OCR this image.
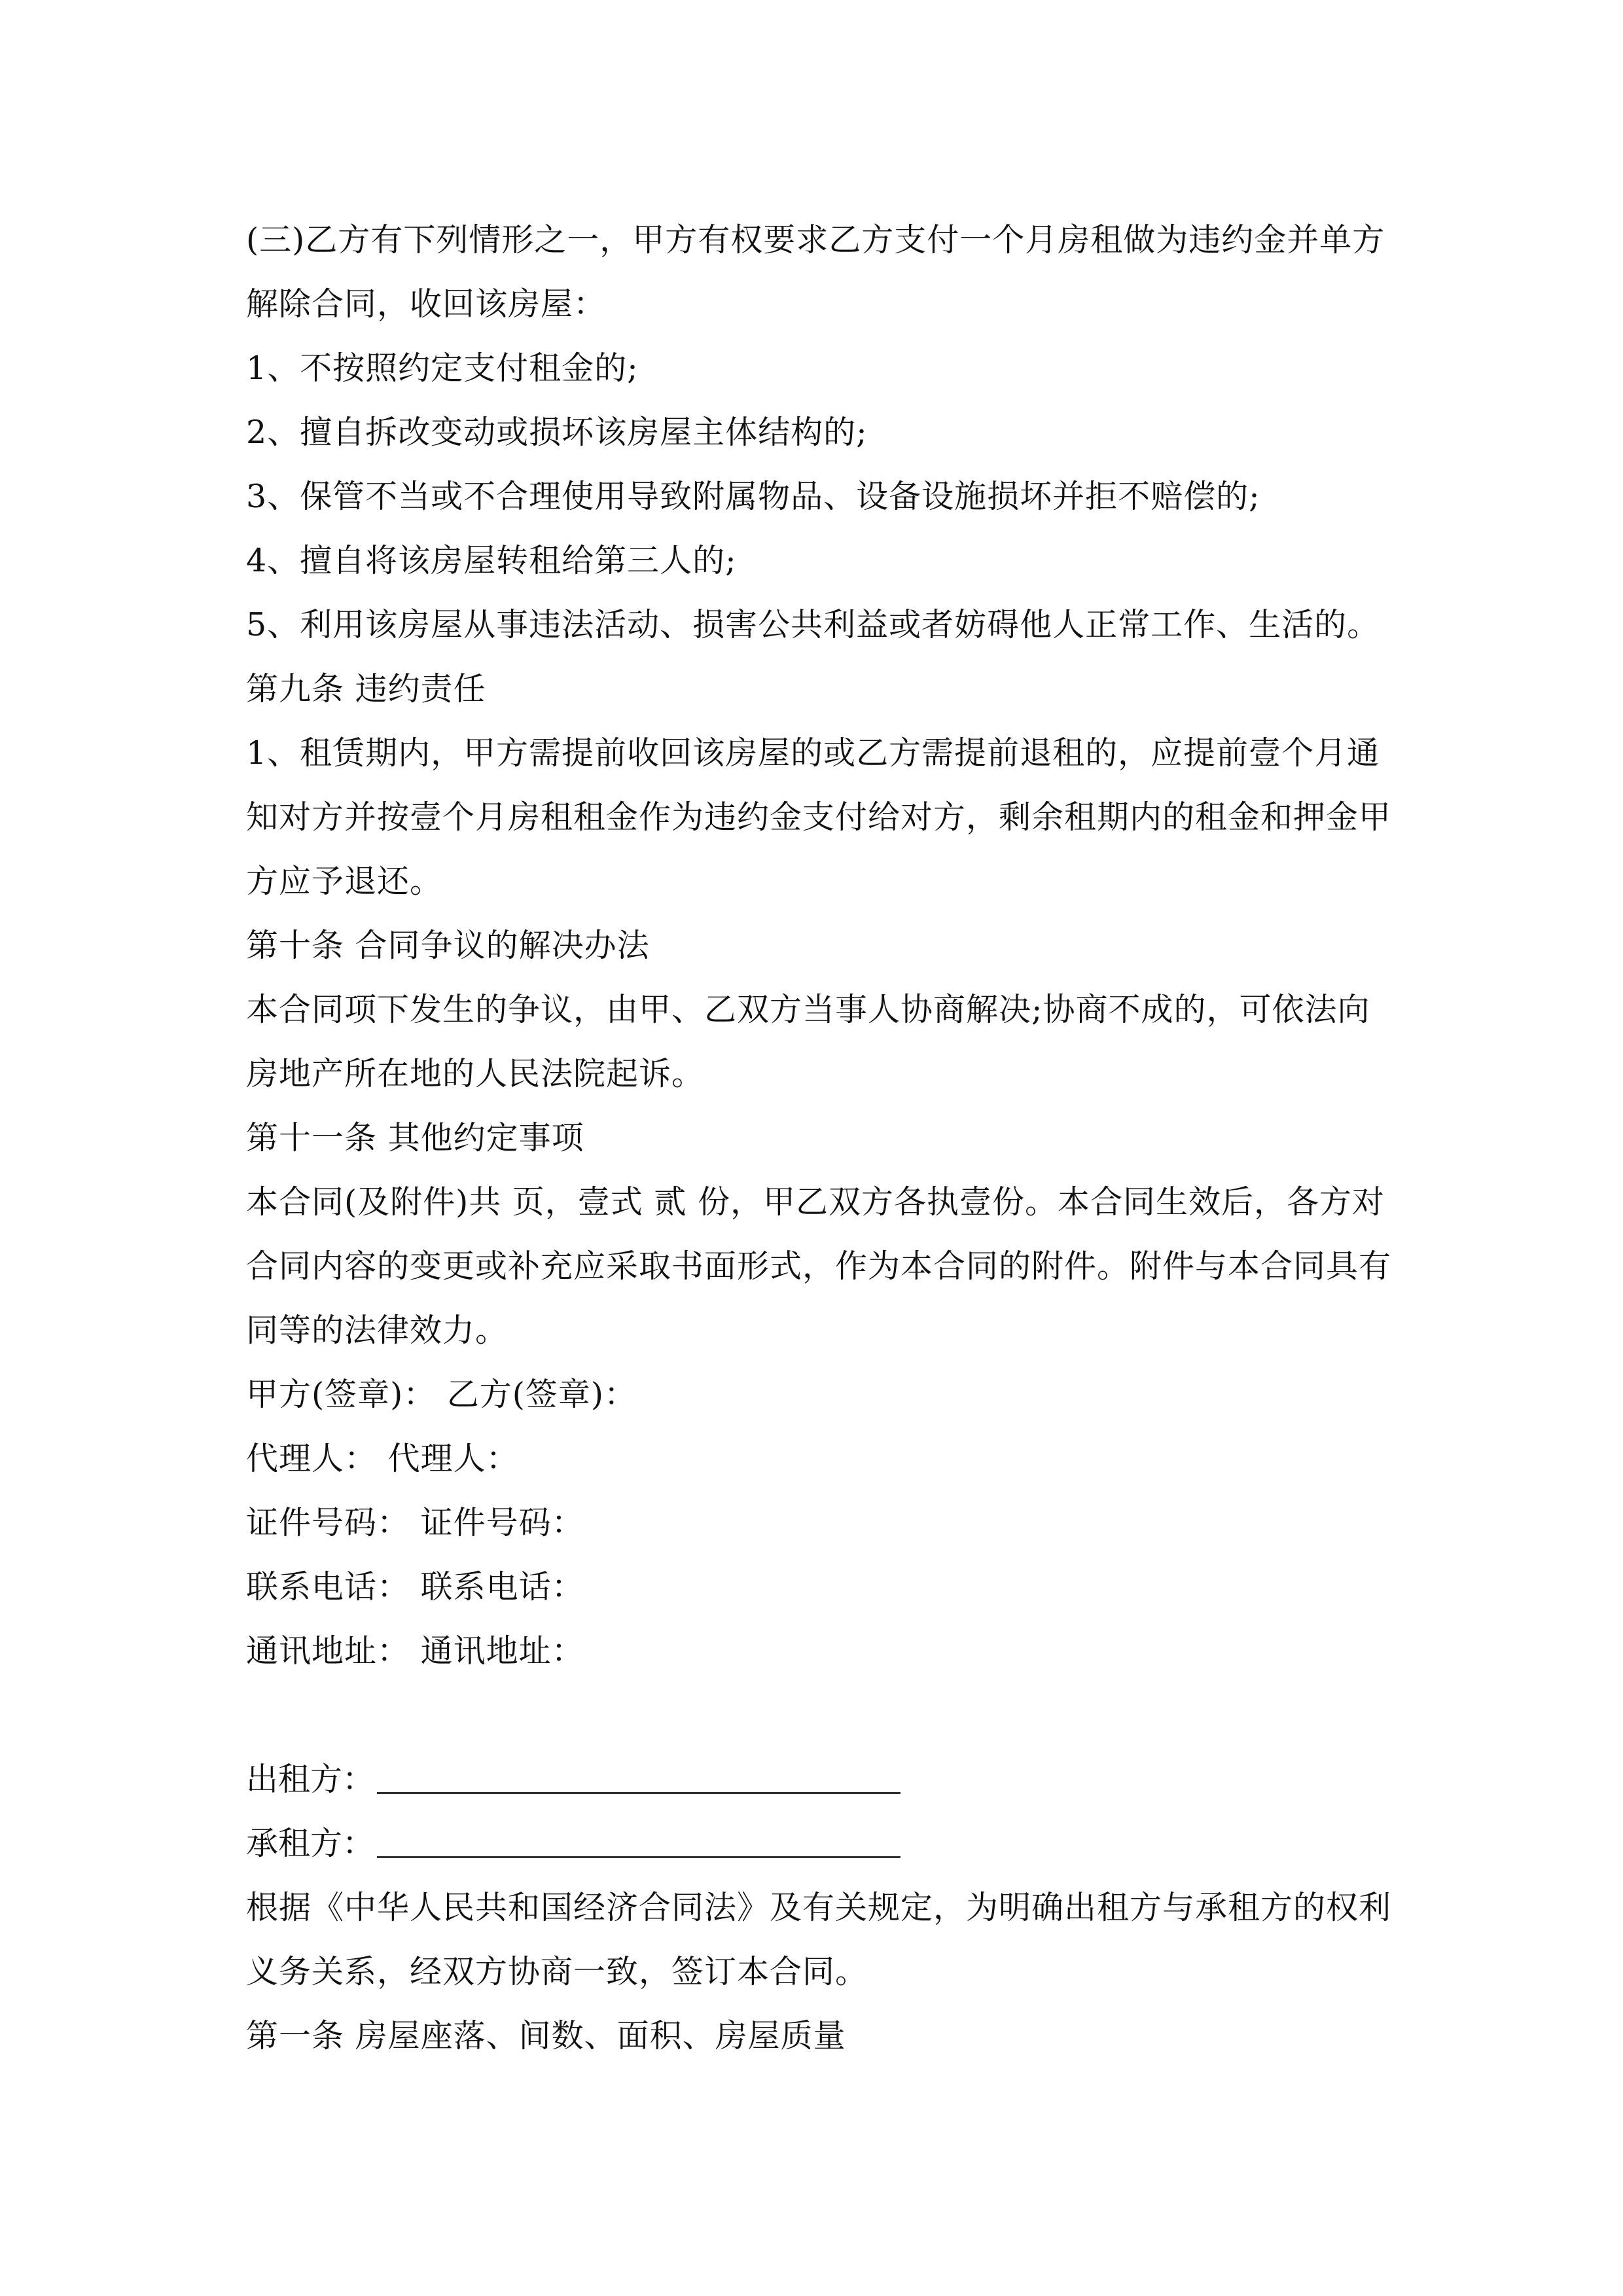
(三)乙方有下列情形之一，甲方有权要求乙方支付一个月房租做为违约金并单方
解除合同，收回该房屋：
1、不按照约定支付租金的;
2、擅自拆改变动或损坏该房屋主体结构的;
3、保管不当或不合理使用导致附属物品、设备设施损坏并拒不赔偿的;
4、擅自将该房屋转租给第三人的;
5、利用该房屋从事违法活动、损害公共利益或者妨碍他人正常工作、生活的。
第九条 违约责任
1、租赁期内，甲方需提前收回该房屋的或乙方需提前退租的，应提前壹个月通
知对方并按壹个月房租租金作为违约金支付给对方，剩余租期内的租金和押金甲
方应予退还。
第十条 合同争议的解决办法
本合同项下发生的争议，由甲、乙双方当事人协商解决;协商不成的，可依法向
房地产所在地的人民法院起诉。
第十一条 其他约定事项
本合同(及附件)共 页，壹式 贰 份，甲乙双方各执壹份。本合同生效后，各方对
合同内容的变更或补充应采取书面形式，作为本合同的附件。附件与本合同具有
同等的法律效力。
甲方(签章)： 乙方(签章)：
代理人： 代理人：
证件号码： 证件号码：
联系电话： 联系电话：
通讯地址： 通讯地址：
出租方：
承租方：
根据《中华人民共和国经济合同法》及有关规定，为明确出租方与承租方的权利
义务关系，经双方协商一致，签订本合同。
第一条 房屋座落、间数、面积、房屋质量
